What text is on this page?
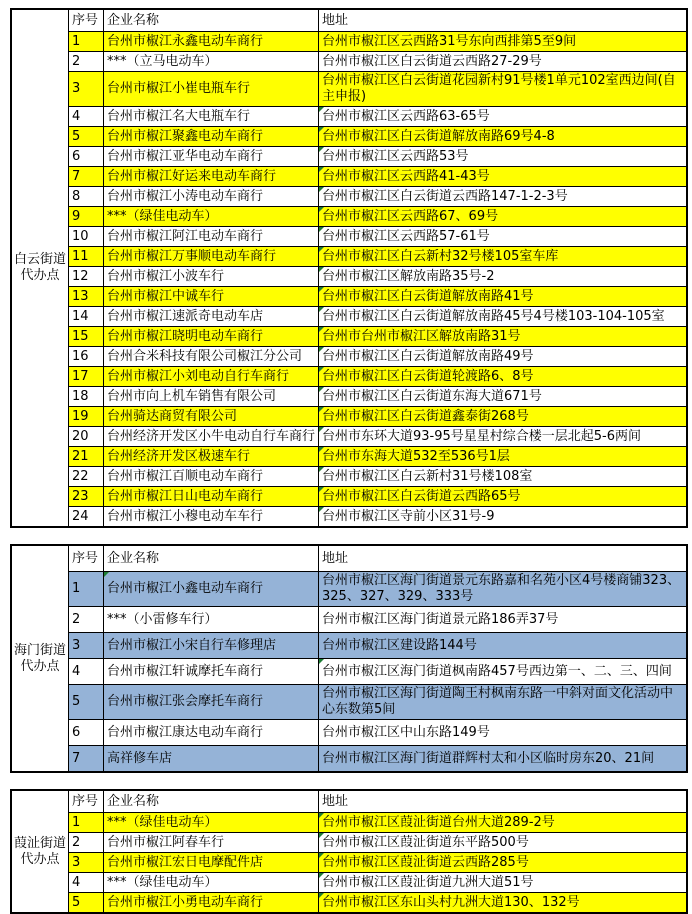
白云街道代办点
序号 企业名称	地址
1	台州市椒江永鑫电动车商行	台州市椒江区云西路31号东向西排第5至9间
2	***（立马电动车）	台州市椒江区白云街道云西路27-29号
3	台州市椒江小崔电瓶车行
台州市椒江区白云街道花园新村91号楼1单元102室西边间(自主申报)
4	台州市椒江名大电瓶车行	台州市椒江区云西路63-65号
5	台州市椒江聚鑫电动车商行	台州市椒江区白云街道解放南路69号4-8
6	台州市椒江亚华电动车商行	台州市椒江区云西路53号
7	台州市椒江好运来电动车商行	台州市椒江区云西路41-43号
8	台州市椒江小涛电动车商行	台州市椒江区白云街道云西路147-1-2-3号
9	***（绿佳电动车）	台州市椒江区云西路67、69号
10	台州市椒江阿江电动车商行	台州市椒江区云西路57-61号
11	台州市椒江万事顺电动车商行	台州市椒江区白云新村32号楼105室车库
12	台州市椒江小波车行	台州市椒江区解放南路35号-2
13	台州市椒江中诚车行	台州市椒江区白云街道解放南路41号
14	台州市椒江速派奇电动车店	台州市椒江区白云街道解放南路45号4号楼103-104-105室
15	台州市椒江晓明电动车商行	台州市台州市椒江区解放南路31号
16	台州合米科技有限公司椒江分公司	台州市椒江区白云街道解放南路49号
17	台州市椒江小刘电动自行车商行	台州市椒江区白云街道轮渡路6、8号
18	台州市向上机车销售有限公司	台州市椒江区白云街道东海大道671号
19	台州骑达商贸有限公司	台州市椒江区白云街道鑫泰街268号
20	台州经济开发区小牛电动自行车商行 台州市东环大道93-95号星星村综合楼一层北起5-6两间
21	台州经济开发区极速车行	台州市东海大道532至536号1层
22	台州市椒江百顺电动车商行	台州市椒江区白云新村31号楼108室
23	台州市椒江日山电动车商行	台州市椒江区白云街道云西路65号
24	台州市椒江小穆电动车车行	台州市椒江区寺前小区31号-9
海门街道代办点
序号 企业名称	地址
1	台州市椒江小鑫电动车商行
台州市椒江区海门街道景元东路嘉和名苑小区4号楼商铺323、325、327、329、333号
2	***（小雷修车行）	台州市椒江区海门街道景元路186弄37号
3	台州市椒江小宋自行车修理店	台州市椒江区建设路144号
4	台州市椒江轩诚摩托车商行	台州市椒江区海门街道枫南路457号西边第一、二、三、四间
5	台州市椒江张会摩托车商行
台州市椒江区海门街道陶王村枫南东路一中斜对面文化活动中心东数第5间
6	台州市椒江康达电动车商行	台州市椒江区中山东路149号
7	高祥修车店	台州市椒江区海门街道群辉村太和小区临时房东20、21间
葭沚街道代办点
序号 企业名称	地址
1	***（绿佳电动车）	台州市椒江区葭沚街道台州大道289-2号
2	台州市椒江阿春车行	台州市椒江区葭沚街道东平路500号
3	台州市椒江宏日电摩配件店	台州市椒江区葭沚街道云西路285号
4	***（绿佳电动车）	台州市椒江区葭沚街道九洲大道51号
5	台州市椒江小勇电动车商行	台州市椒江区东山头村九洲大道130、132号
